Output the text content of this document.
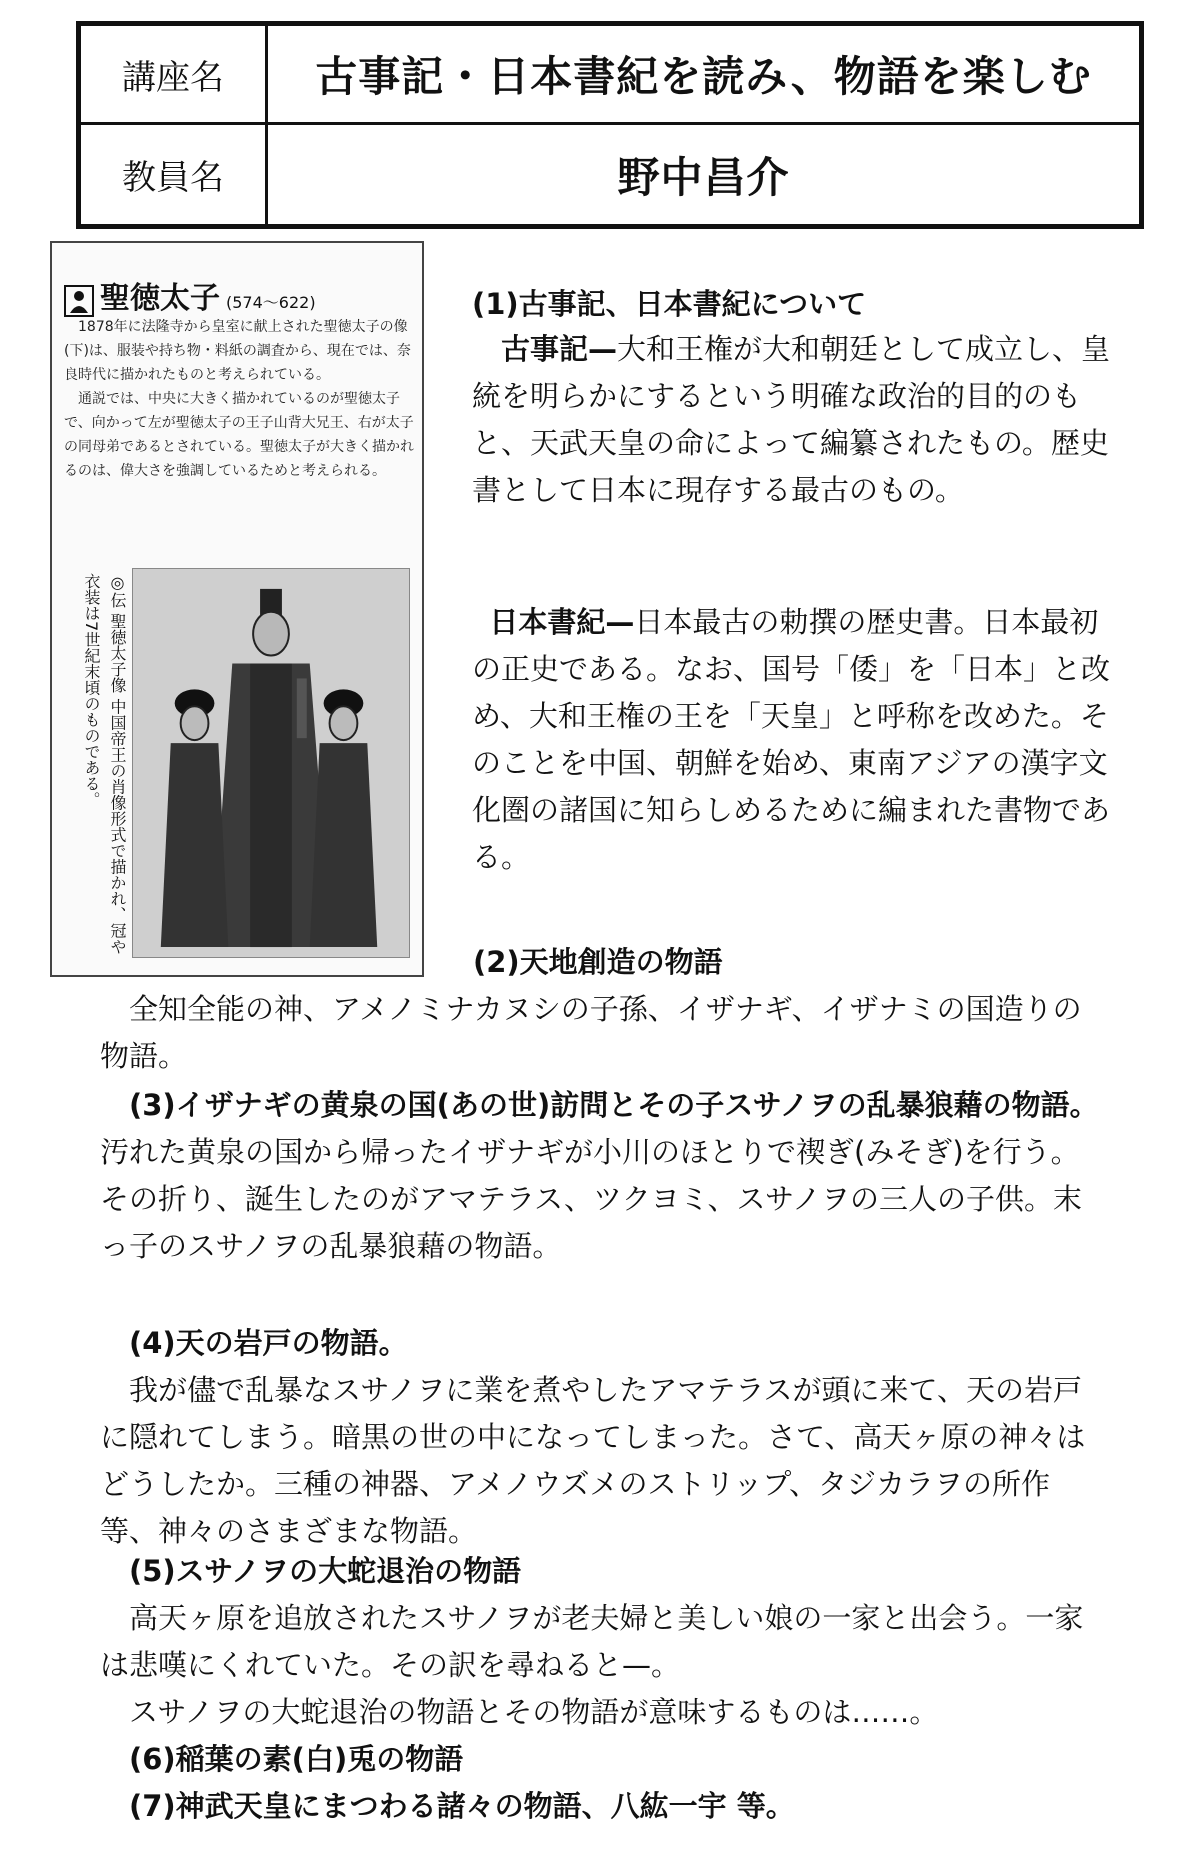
講座名	古事記・日本書紀を読み、物語を楽しむ
教員名	野中昌介
聖徳太子 (574〜622)

1878年に法隆寺から皇室に献上された聖徳太子の像(下)は、服装や持ち物・料紙の調査から、現在では、奈良時代に描かれたものと考えられている。

通説では、中央に大きく描かれているのが聖徳太子で、向かって左が聖徳太子の王子山背大兄王、右が太子の同母弟であるとされている。聖徳太子が大きく描かれるのは、偉大さを強調しているためと考えられる。

◎伝 聖徳太子像 中国帝王の肖像形式で描かれ、冠や衣装は7世紀末頃のものである。
(1)古事記、日本書紀について

古事記—大和王権が大和朝廷として成立し、皇統を明らかにするという明確な政治的目的のもと、天武天皇の命によって編纂されたもの。歴史書として日本に現存する最古のもの。

日本書紀—日本最古の勅撰の歴史書。日本最初の正史である。なお、国号「倭」を「日本」と改め、大和王権の王を「天皇」と呼称を改めた。そのことを中国、朝鮮を始め、東南アジアの漢字文化圏の諸国に知らしめるために編まれた書物である。

(2)天地創造の物語

全知全能の神、アメノミナカヌシの子孫、イザナギ、イザナミの国造りの物語。

(3)イザナギの黄泉の国(あの世)訪問とその子スサノヲの乱暴狼藉の物語。

汚れた黄泉の国から帰ったイザナギが小川のほとりで禊ぎ(みそぎ)を行う。その折り、誕生したのがアマテラス、ツクヨミ、スサノヲの三人の子供。末っ子のスサノヲの乱暴狼藉の物語。

(4)天の岩戸の物語。

我が儘で乱暴なスサノヲに業を煮やしたアマテラスが頭に来て、天の岩戸に隠れてしまう。暗黒の世の中になってしまった。さて、高天ヶ原の神々はどうしたか。三種の神器、アメノウズメのストリップ、タジカラヲの所作等、神々のさまざまな物語。

(5)スサノヲの大蛇退治の物語

高天ヶ原を追放されたスサノヲが老夫婦と美しい娘の一家と出会う。一家は悲嘆にくれていた。その訳を尋ねると—。

スサノヲの大蛇退治の物語とその物語が意味するものは……。

(6)稲葉の素(白)兎の物語

(7)神武天皇にまつわる諸々の物語、八紘一宇 等。
